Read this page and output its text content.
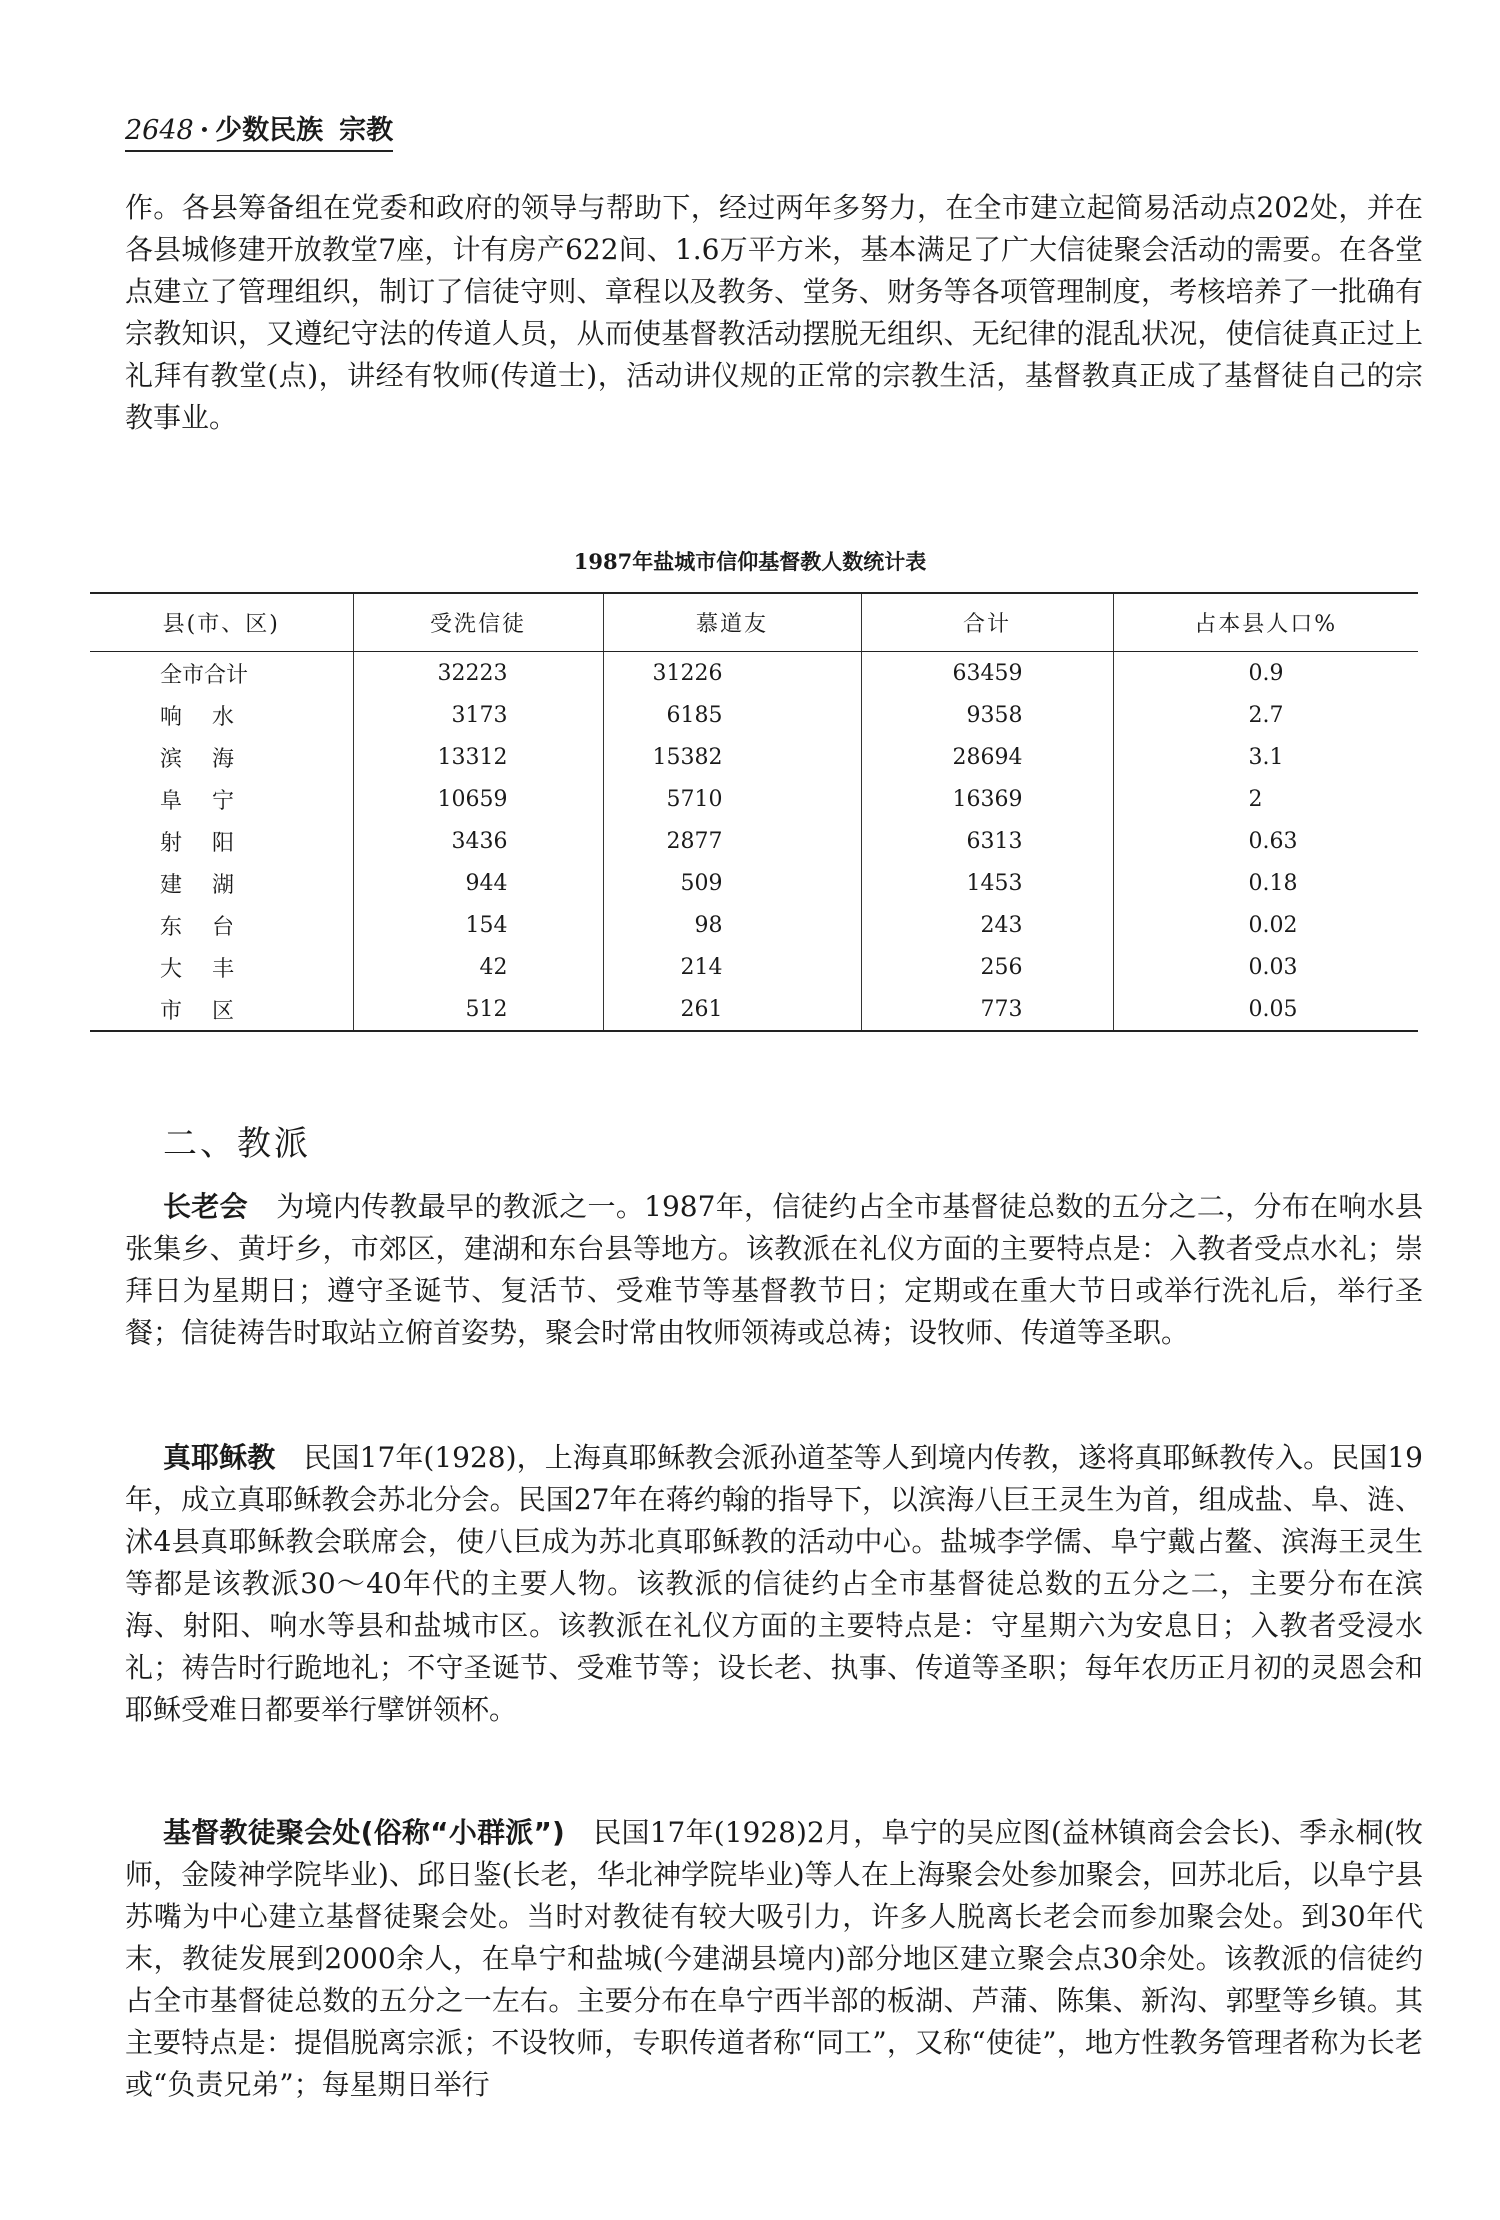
2648 · 少数民族 宗教
作。各县筹备组在党委和政府的领导与帮助下，经过两年多努力，在全市建立起简易活动点202处，并在各县城修建开放教堂7座，计有房产622间、1.6万平方米，基本满足了广大信徒聚会活动的需要。在各堂点建立了管理组织，制订了信徒守则、章程以及教务、堂务、财务等各项管理制度，考核培养了一批确有宗教知识，又遵纪守法的传道人员，从而使基督教活动摆脱无组织、无纪律的混乱状况，使信徒真正过上礼拜有教堂(点)，讲经有牧师(传道士)，活动讲仪规的正常的宗教生活，基督教真正成了基督徒自己的宗教事业。
1987年盐城市信仰基督教人数统计表
县(市、区)	受洗信徒	慕道友	合计	占本县人口%
全市合计	32223	31226	63459	0.9
响水	3173	6185	9358	2.7
滨海	13312	15382	28694	3.1
阜宁	10659	5710	16369	2
射阳	3436	2877	6313	0.63
建湖	944	509	1453	0.18
东台	154	98	243	0.02
大丰	42	214	256	0.03
市区	512	261	773	0.05
二、教派
长老会　为境内传教最早的教派之一。1987年，信徒约占全市基督徒总数的五分之二，分布在响水县张集乡、黄圩乡，市郊区，建湖和东台县等地方。该教派在礼仪方面的主要特点是：入教者受点水礼；崇拜日为星期日；遵守圣诞节、复活节、受难节等基督教节日；定期或在重大节日或举行洗礼后，举行圣餐；信徒祷告时取站立俯首姿势，聚会时常由牧师领祷或总祷；设牧师、传道等圣职。
真耶稣教　民国17年(1928)，上海真耶稣教会派孙道荃等人到境内传教，遂将真耶稣教传入。民国19年，成立真耶稣教会苏北分会。民国27年在蒋约翰的指导下，以滨海八巨王灵生为首，组成盐、阜、涟、沭4县真耶稣教会联席会，使八巨成为苏北真耶稣教的活动中心。盐城李学儒、阜宁戴占鳌、滨海王灵生等都是该教派30～40年代的主要人物。该教派的信徒约占全市基督徒总数的五分之二，主要分布在滨海、射阳、响水等县和盐城市区。该教派在礼仪方面的主要特点是：守星期六为安息日；入教者受浸水礼；祷告时行跪地礼；不守圣诞节、受难节等；设长老、执事、传道等圣职；每年农历正月初的灵恩会和耶稣受难日都要举行擘饼领杯。
基督教徒聚会处(俗称“小群派”)　民国17年(1928)2月，阜宁的吴应图(益林镇商会会长)、季永桐(牧师，金陵神学院毕业)、邱日鉴(长老，华北神学院毕业)等人在上海聚会处参加聚会，回苏北后，以阜宁县苏嘴为中心建立基督徒聚会处。当时对教徒有较大吸引力，许多人脱离长老会而参加聚会处。到30年代末，教徒发展到2000余人，在阜宁和盐城(今建湖县境内)部分地区建立聚会点30余处。该教派的信徒约占全市基督徒总数的五分之一左右。主要分布在阜宁西半部的板湖、芦蒲、陈集、新沟、郭墅等乡镇。其主要特点是：提倡脱离宗派；不设牧师，专职传道者称“同工”，又称“使徒”，地方性教务管理者称为长老或“负责兄弟”；每星期日举行
